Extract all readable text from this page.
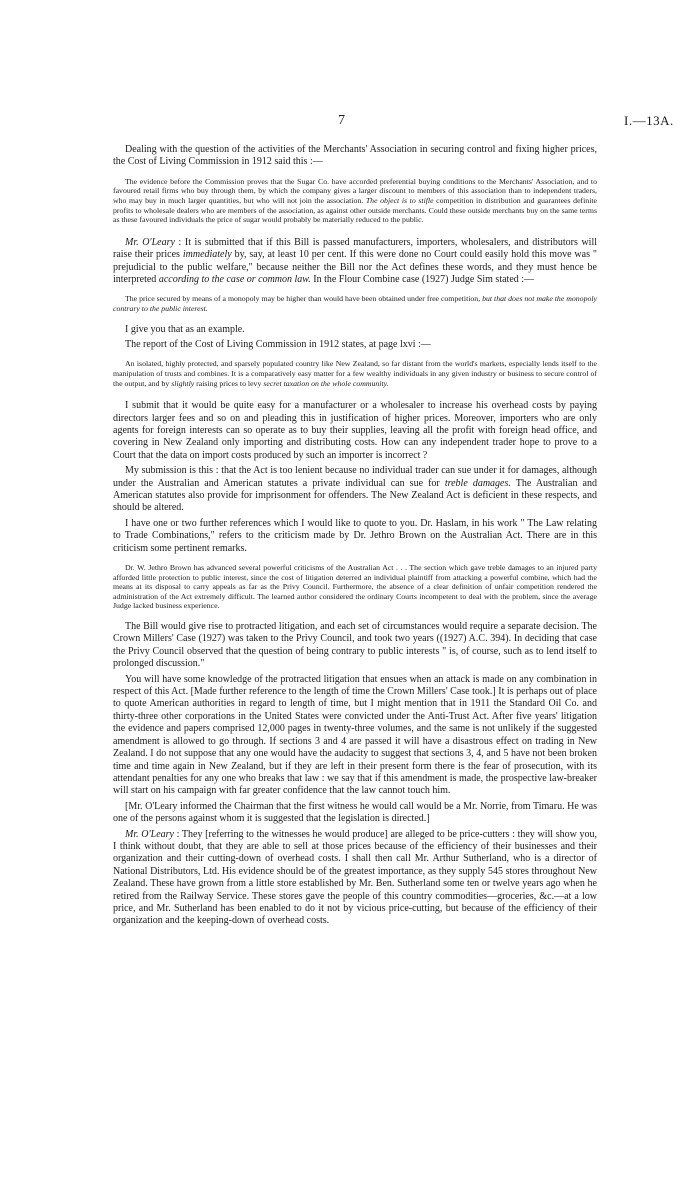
7	I.—13A.

Dealing with the question of the activities of the Merchants' Association in securing control and fixing higher prices, the Cost of Living Commission in 1912 said this :—

The evidence before the Commission proves that the Sugar Co. have accorded preferential buying conditions to the Merchants' Association, and to favoured retail firms who buy through them, by which the company gives a larger discount to members of this association than to independent traders, who may buy in much larger quantities, but who will not join the association. The object is to stifle competition in distribution and guarantees definite profits to wholesale dealers who are members of the association, as against other outside merchants. Could these outside merchants buy on the same terms as these favoured individuals the price of sugar would probably be materially reduced to the public.

Mr. O'Leary : It is submitted that if this Bill is passed manufacturers, importers, wholesalers, and distributors will raise their prices immediately by, say, at least 10 per cent. If this were done no Court could easily hold this move was " prejudicial to the public welfare," because neither the Bill nor the Act defines these words, and they must hence be interpreted according to the case or common law. In the Flour Combine case (1927) Judge Sim stated :—

The price secured by means of a monopoly may be higher than would have been obtained under free competition, but that does not make the monopoly contrary to the public interest.

I give you that as an example.

The report of the Cost of Living Commission in 1912 states, at page lxvi :—

An isolated, highly protected, and sparsely populated country like New Zealand, so far distant from the world's markets, especially lends itself to the manipulation of trusts and combines. It is a comparatively easy matter for a few wealthy individuals in any given industry or business to secure control of the output, and by slightly raising prices to levy secret taxation on the whole community.

I submit that it would be quite easy for a manufacturer or a wholesaler to increase his overhead costs by paying directors larger fees and so on and pleading this in justification of higher prices. Moreover, importers who are only agents for foreign interests can so operate as to buy their supplies, leaving all the profit with foreign head office, and covering in New Zealand only importing and distributing costs. How can any independent trader hope to prove to a Court that the data on import costs produced by such an importer is incorrect ?

My submission is this : that the Act is too lenient because no individual trader can sue under it for damages, although under the Australian and American statutes a private individual can sue for treble damages. The Australian and American statutes also provide for imprisonment for offenders. The New Zealand Act is deficient in these respects, and should be altered.

I have one or two further references which I would like to quote to you. Dr. Haslam, in his work " The Law relating to Trade Combinations," refers to the criticism made by Dr. Jethro Brown on the Australian Act. There are in this criticism some pertinent remarks.

Dr. W. Jethro Brown has advanced several powerful criticisms of the Australian Act . . . The section which gave treble damages to an injured party afforded little protection to public interest, since the cost of litigation deterred an individual plaintiff from attacking a powerful combine, which had the means at its disposal to carry appeals as far as the Privy Council. Furthermore, the absence of a clear definition of unfair competition rendered the administration of the Act extremely difficult. The learned author considered the ordinary Courts incompetent to deal with the problem, since the average Judge lacked business experience.

The Bill would give rise to protracted litigation, and each set of circumstances would require a separate decision. The Crown Millers' Case (1927) was taken to the Privy Council, and took two years ((1927) A.C. 394). In deciding that case the Privy Council observed that the question of being contrary to public interests " is, of course, such as to lend itself to prolonged discussion."

You will have some knowledge of the protracted litigation that ensues when an attack is made on any combination in respect of this Act. [Made further reference to the length of time the Crown Millers' Case took.] It is perhaps out of place to quote American authorities in regard to length of time, but I might mention that in 1911 the Standard Oil Co. and thirty-three other corporations in the United States were convicted under the Anti-Trust Act. After five years' litigation the evidence and papers comprised 12,000 pages in twenty-three volumes, and the same is not unlikely if the suggested amendment is allowed to go through. If sections 3 and 4 are passed it will have a disastrous effect on trading in New Zealand. I do not suppose that any one would have the audacity to suggest that sections 3, 4, and 5 have not been broken time and time again in New Zealand, but if they are left in their present form there is the fear of prosecution, with its attendant penalties for any one who breaks that law : we say that if this amendment is made, the prospective law-breaker will start on his campaign with far greater confidence that the law cannot touch him.

[Mr. O'Leary informed the Chairman that the first witness he would call would be a Mr. Norrie, from Timaru. He was one of the persons against whom it is suggested that the legislation is directed.]

Mr. O'Leary : They [referring to the witnesses he would produce] are alleged to be price-cutters : they will show you, I think without doubt, that they are able to sell at those prices because of the efficiency of their businesses and their organization and their cutting-down of overhead costs. I shall then call Mr. Arthur Sutherland, who is a director of National Distributors, Ltd. His evidence should be of the greatest importance, as they supply 545 stores throughout New Zealand. These have grown from a little store established by Mr. Ben. Sutherland some ten or twelve years ago when he retired from the Railway Service. These stores gave the people of this country commodities—groceries, &c.—at a low price, and Mr. Sutherland has been enabled to do it not by vicious price-cutting, but because of the efficiency of their organization and the keeping-down of overhead costs.
